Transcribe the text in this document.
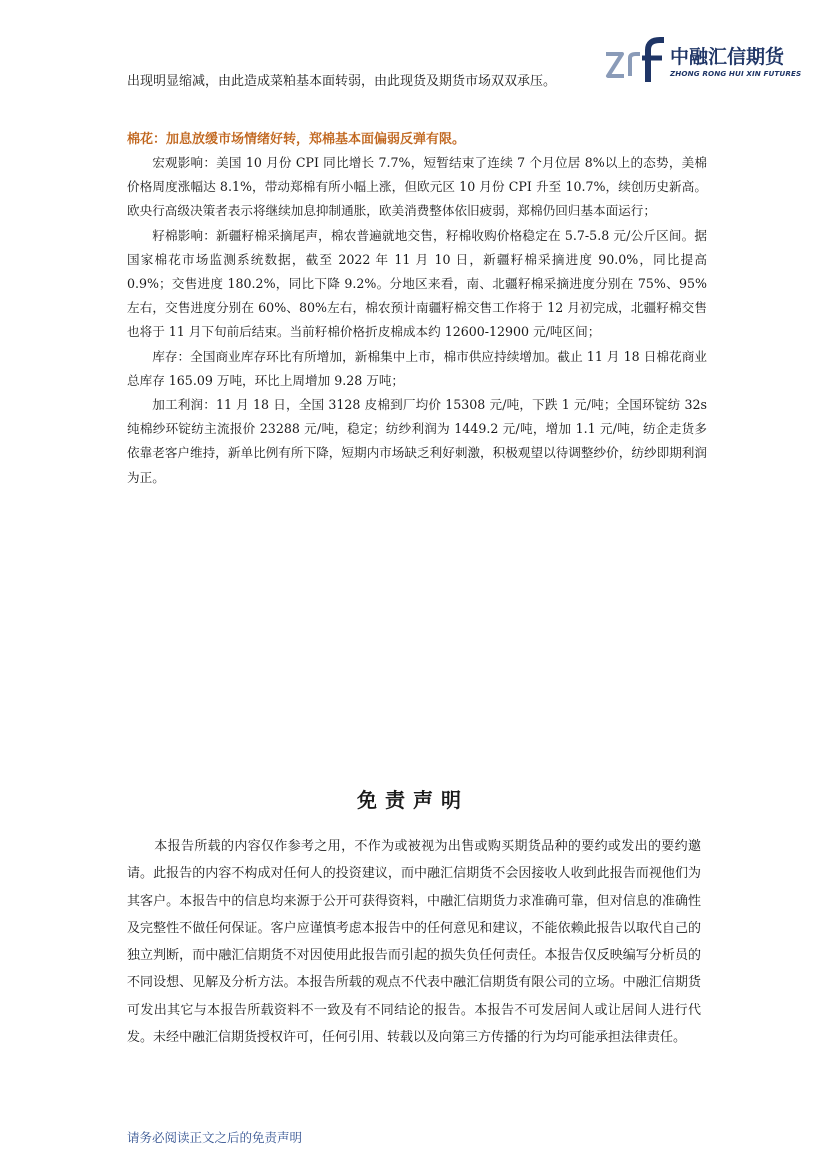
中融汇信期货
ZHONG RONG HUI XIN FUTURES
出现明显缩减，由此造成菜粕基本面转弱，由此现货及期货市场双双承压。
棉花：加息放缓市场情绪好转，郑棉基本面偏弱反弹有限。

宏观影响：美国 10 月份 CPI 同比增长 7.7%，短暂结束了连续 7 个月位居 8%以上的态势，美棉价格周度涨幅达 8.1%，带动郑棉有所小幅上涨，但欧元区 10 月份 CPI 升至 10.7%，续创历史新高。欧央行高级决策者表示将继续加息抑制通胀，欧美消费整体依旧疲弱，郑棉仍回归基本面运行；

籽棉影响：新疆籽棉采摘尾声，棉农普遍就地交售，籽棉收购价格稳定在 5.7-5.8 元/公斤区间。据国家棉花市场监测系统数据，截至 2022 年 11 月 10 日，新疆籽棉采摘进度 90.0%，同比提高 0.9%；交售进度 180.2%，同比下降 9.2%。分地区来看，南、北疆籽棉采摘进度分别在 75%、95%左右，交售进度分别在 60%、80%左右，棉农预计南疆籽棉交售工作将于 12 月初完成，北疆籽棉交售也将于 11 月下旬前后结束。当前籽棉价格折皮棉成本约 12600-12900 元/吨区间；

库存：全国商业库存环比有所增加，新棉集中上市，棉市供应持续增加。截止 11 月 18 日棉花商业总库存 165.09 万吨，环比上周增加 9.28 万吨；

加工利润：11 月 18 日，全国 3128 皮棉到厂均价 15308 元/吨，下跌 1 元/吨；全国环锭纺 32s 纯棉纱环锭纺主流报价 23288 元/吨，稳定；纺纱利润为 1449.2 元/吨，增加 1.1 元/吨，纺企走货多依靠老客户维持，新单比例有所下降，短期内市场缺乏利好刺激，积极观望以待调整纱价，纺纱即期利润为正。

免责声明

本报告所载的内容仅作参考之用，不作为或被视为出售或购买期货品种的要约或发出的要约邀请。此报告的内容不构成对任何人的投资建议，而中融汇信期货不会因接收人收到此报告而视他们为其客户。本报告中的信息均来源于公开可获得资料，中融汇信期货力求准确可靠，但对信息的准确性及完整性不做任何保证。客户应谨慎考虑本报告中的任何意见和建议，不能依赖此报告以取代自己的独立判断，而中融汇信期货不对因使用此报告而引起的损失负任何责任。本报告仅反映编写分析员的不同设想、见解及分析方法。本报告所载的观点不代表中融汇信期货有限公司的立场。中融汇信期货可发出其它与本报告所载资料不一致及有不同结论的报告。本报告不可发居间人或让居间人进行代发。未经中融汇信期货授权许可，任何引用、转载以及向第三方传播的行为均可能承担法律责任。

请务必阅读正文之后的免责声明
